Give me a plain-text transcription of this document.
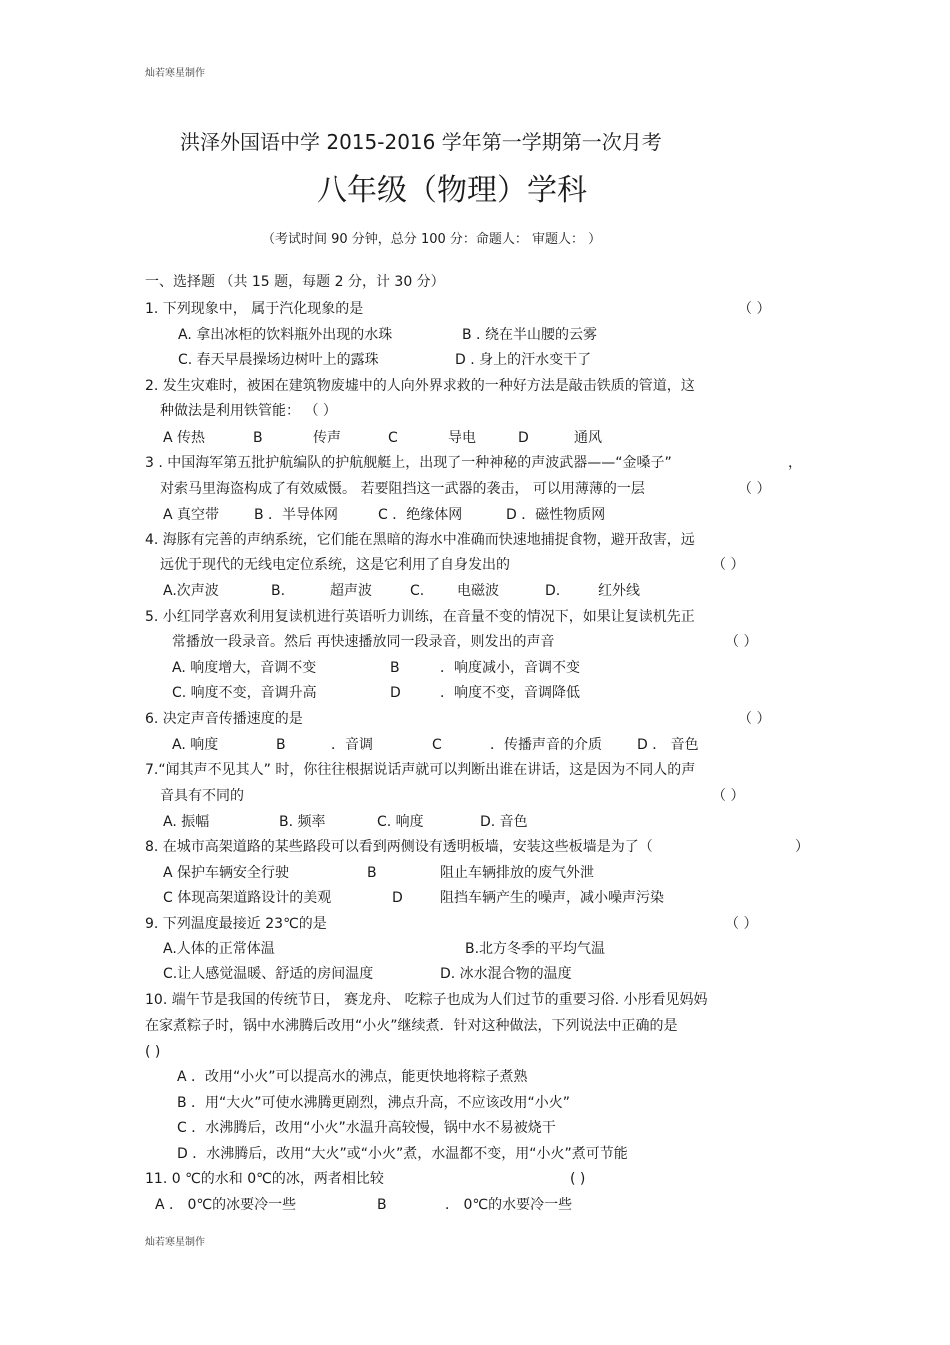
灿若寒星制作
洪泽外国语中学 2015-2016 学年第一学期第一次月考
八年级（物理）学科
（考试时间 90 分钟，总分 100 分：命题人： 审题人： ）
一、选择题 （共 15 题，每题 2 分，计 30 分）
1. 下列现象中， 属于汽化现象的是	（ ）
A. 拿出冰柜的饮料瓶外出现的水珠	B . 绕在半山腰的云雾
C. 春天早晨操场边树叶上的露珠	D . 身上的汗水变干了
2. 发生灾难时，被困在建筑物废墟中的人向外界求救的一种好方法是敲击铁质的管道，这
种做法是利用铁管能： （ ）
A 传热	B	传声	C	导电	D	通风
3 . 中国海军第五批护航编队的护航舰艇上，出现了一种神秘的声波武器——“金嗓子”	，
对索马里海盗构成了有效威慑。 若要阻挡这一武器的袭击， 可以用薄薄的一层	（ ）
A 真空带 B ．半导体网	C ．绝缘体网	D ．磁性物质网
4. 海豚有完善的声纳系统，它们能在黑暗的海水中准确而快速地捕捉食物，避开敌害，远
远优于现代的无线电定位系统，这是它利用了自身发出的	（ ）
A.次声波	B.	超声波	C. 电磁波	D.	红外线
5. 小红同学喜欢利用复读机进行英语听力训练，在音量不变的情况下，如果让复读机先正
常播放一段录音。然后 再快速播放同一段录音，则发出的声音	（ ）
A. 响度增大，音调不变	B	．响度减小，音调不变
C. 响度不变，音调升高	D	．响度不变，音调降低
6. 决定声音传播速度的是	（ ）
A. 响度	B	．音调	C	．传播声音的介质	D ． 音色
7.“闻其声不见其人” 时，你往往根据说话声就可以判断出谁在讲话，这是因为不同人的声
音具有不同的	（ ）
A. 振幅	B. 频率	C. 响度	D. 音色
8. 在城市高架道路的某些路段可以看到两侧设有透明板墙，安装这些板墙是为了（	）
A 保护车辆安全行驶	B	阻止车辆排放的废气外泄
C 体现高架道路设计的美观	D	阻挡车辆产生的噪声，减小噪声污染
9. 下列温度最接近 23℃的是	（ ）
A.人体的正常体温	B.北方冬季的平均气温
C.让人感觉温暖、舒适的房间温度	D. 冰水混合物的温度
10. 端午节是我国的传统节日， 赛龙舟、 吃粽子也成为人们过节的重要习俗. 小彤看见妈妈
在家煮粽子时，锅中水沸腾后改用“小火”继续煮．针对这种做法，下列说法中正确的是
( )
A ．改用“小火”可以提高水的沸点，能更快地将粽子煮熟
B ．用“大火”可使水沸腾更剧烈，沸点升高，不应该改用“小火”
C ．水沸腾后，改用“小火”水温升高较慢，锅中水不易被烧干
D ．水沸腾后，改用“大火”或“小火”煮，水温都不变，用“小火”煮可节能
11. 0 ℃的水和 0℃的冰，两者相比较	( )
A ． 0℃的冰要冷一些	B	． 0℃的水要冷一些
灿若寒星制作
